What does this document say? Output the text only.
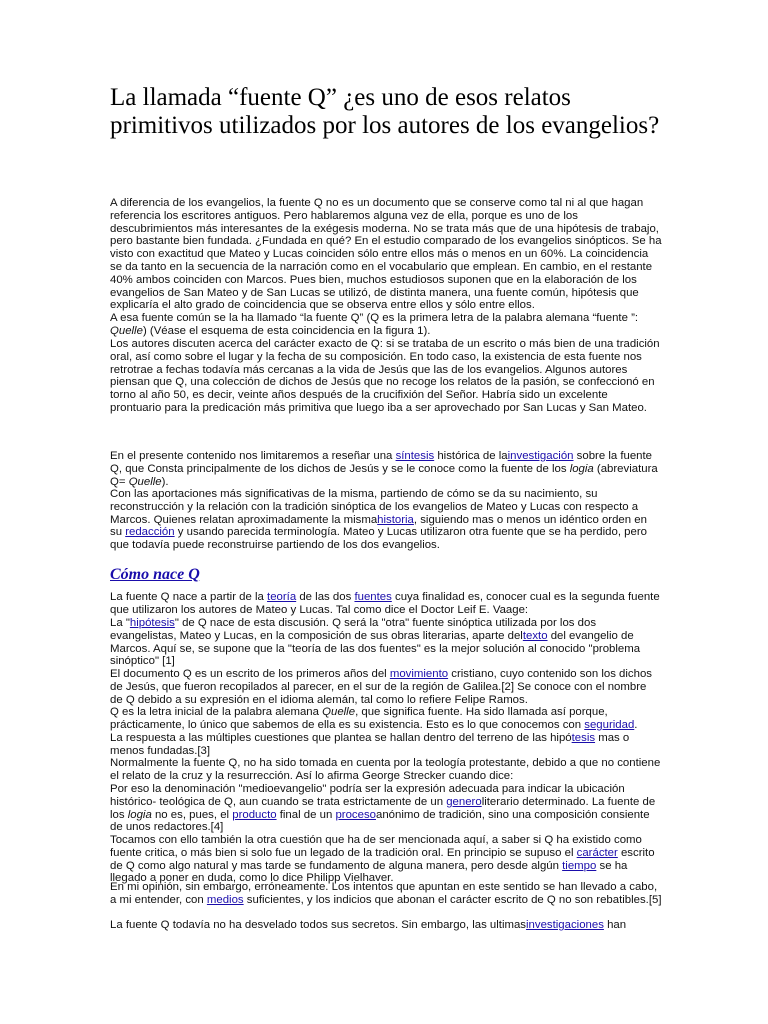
La llamada “fuente Q” ¿es uno de esos relatos primitivos utilizados por los autores de los evangelios?
A diferencia de los evangelios, la fuente Q no es un documento que se conserve como tal ni al que hagan referencia los escritores antiguos. Pero hablaremos alguna vez de ella, porque es uno de los descubrimientos más interesantes de la exégesis moderna. No se trata más que de una hipótesis de trabajo, pero bastante bien fundada. ¿Fundada en qué? En el estudio comparado de los evangelios sinópticos. Se ha visto con exactitud que Mateo y Lucas coinciden sólo entre ellos más o menos en un 60%. La coincidencia se da tanto en la secuencia de la narración como en el vocabulario que emplean. En cambio, en el restante 40% ambos coinciden con Marcos. Pues bien, muchos estudiosos suponen que en la elaboración de los evangelios de San Mateo y de San Lucas se utilizó, de distinta manera, una fuente común, hipótesis que explicaría el alto grado de coincidencia que se observa entre ellos y sólo entre ellos.
A esa fuente común se la ha llamado “la fuente Q” (Q es la primera letra de la palabra alemana “fuente ”: Quelle) (Véase el esquema de esta coincidencia en la figura 1).
Los autores discuten acerca del carácter exacto de Q: si se trataba de un escrito o más bien de una tradición oral, así como sobre el lugar y la fecha de su composición. En todo caso, la existencia de esta fuente nos retrotrae a fechas todavía más cercanas a la vida de Jesús que las de los evangelios. Algunos autores piensan que Q, una colección de dichos de Jesús que no recoge los relatos de la pasión, se confeccionó en torno al año 50, es decir, veinte años después de la crucifixión del Señor. Habría sido un excelente prontuario para la predicación más primitiva que luego iba a ser aprovechado por San Lucas y San Mateo.
En el presente contenido nos limitaremos a reseñar una síntesis histórica de lainvestigación sobre la fuente Q, que Consta principalmente de los dichos de Jesús y se le conoce como la fuente de los logia (abreviatura Q= Quelle).
Con las aportaciones más significativas de la misma, partiendo de cómo se da su nacimiento, su reconstrucción y la relación con la tradición sinóptica de los evangelios de Mateo y Lucas con respecto a Marcos. Quienes relatan aproximadamente la mismahistoria, siguiendo mas o menos un idéntico orden en su redacción y usando parecida terminología. Mateo y Lucas utilizaron otra fuente que se ha perdido, pero que todavía puede reconstruirse partiendo de los dos evangelios.
Cómo nace Q
La fuente Q nace a partir de la teoría de las dos fuentes cuya finalidad es, conocer cual es la segunda fuente que utilizaron los autores de Mateo y Lucas. Tal como dice el Doctor Leif E. Vaage:
La "hipótesis" de Q nace de esta discusión. Q será la "otra" fuente sinóptica utilizada por los dos evangelistas, Mateo y Lucas, en la composición de sus obras literarias, aparte deltexto del evangelio de Marcos. Aquí se, se supone que la "teoría de las dos fuentes" es la mejor solución al conocido "problema sinóptico" [1]
El documento Q es un escrito de los primeros años del movimiento cristiano, cuyo contenido son los dichos de Jesús, que fueron recopilados al parecer, en el sur de la región de Galilea.[2] Se conoce con el nombre de Q debido a su expresión en el idioma alemán, tal como lo refiere Felipe Ramos.
Q es la letra inicial de la palabra alemana Quelle, que significa fuente. Ha sido llamada así porque, prácticamente, lo único que sabemos de ella es su existencia. Esto es lo que conocemos con seguridad.
La respuesta a las múltiples cuestiones que plantea se hallan dentro del terreno de las hipótesis mas o menos fundadas.[3]
Normalmente la fuente Q, no ha sido tomada en cuenta por la teología protestante, debido a que no contiene el relato de la cruz y la resurrección. Así lo afirma George Strecker cuando dice:
Por eso la denominación "medioevangelio" podría ser la expresión adecuada para indicar la ubicación histórico- teológica de Q, aun cuando se trata estrictamente de un generoliterario determinado. La fuente de los logia no es, pues, el producto final de un procesoanónimo de tradición, sino una composición consiente de unos redactores.[4]
Tocamos con ello también la otra cuestión que ha de ser mencionada aquí, a saber si Q ha existido como fuente critica, o más bien si solo fue un legado de la tradición oral. En principio se supuso el carácter escrito de Q como algo natural y mas tarde se fundamento de alguna manera, pero desde algún tiempo se ha llegado a poner en duda, como lo dice Philipp Vielhaver.
En mi opinión, sin embargo, erróneamente. Los intentos que apuntan en este sentido se han llevado a cabo, a mi entender, con medios suficientes, y los indicios que abonan el carácter escrito de Q no son rebatibles.[5]
La fuente Q todavía no ha desvelado todos sus secretos. Sin embargo, las ultimasinvestigaciones han
